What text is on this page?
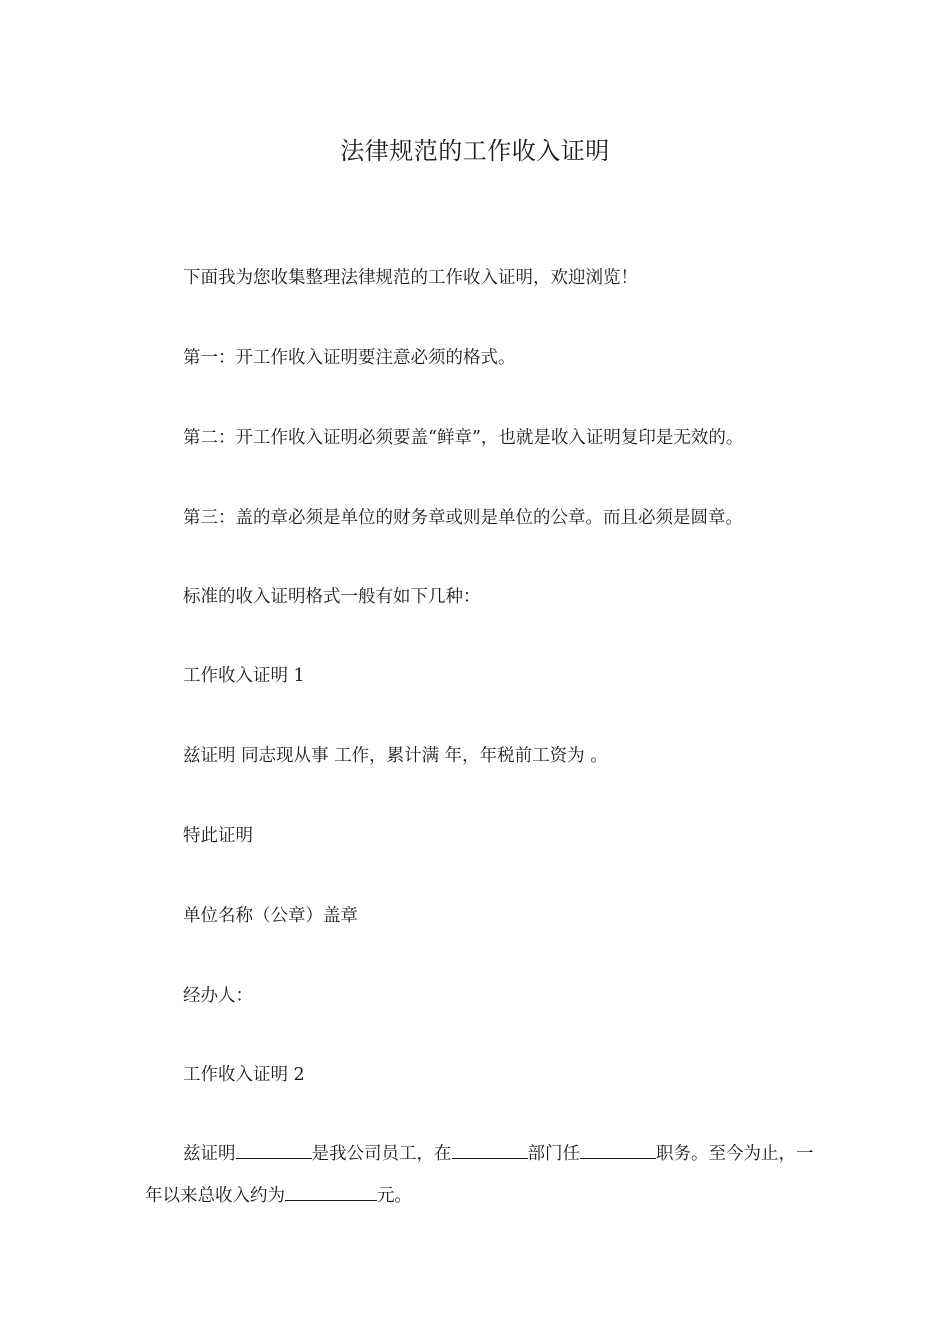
法律规范的工作收入证明
下面我为您收集整理法律规范的工作收入证明，欢迎浏览！
第一：开工作收入证明要注意必须的格式。
第二：开工作收入证明必须要盖“鲜章”，也就是收入证明复印是无效的。
第三：盖的章必须是单位的财务章或则是单位的公章。而且必须是圆章。
标准的收入证明格式一般有如下几种：
工作收入证明 1
兹证明 同志现从事 工作，累计满 年，年税前工资为 。
特此证明
单位名称（公章）盖章
经办人：
工作收入证明 2
兹证明	是我公司员工，在	部门任	职务。至今为止，一年以来总收入约为	元。
